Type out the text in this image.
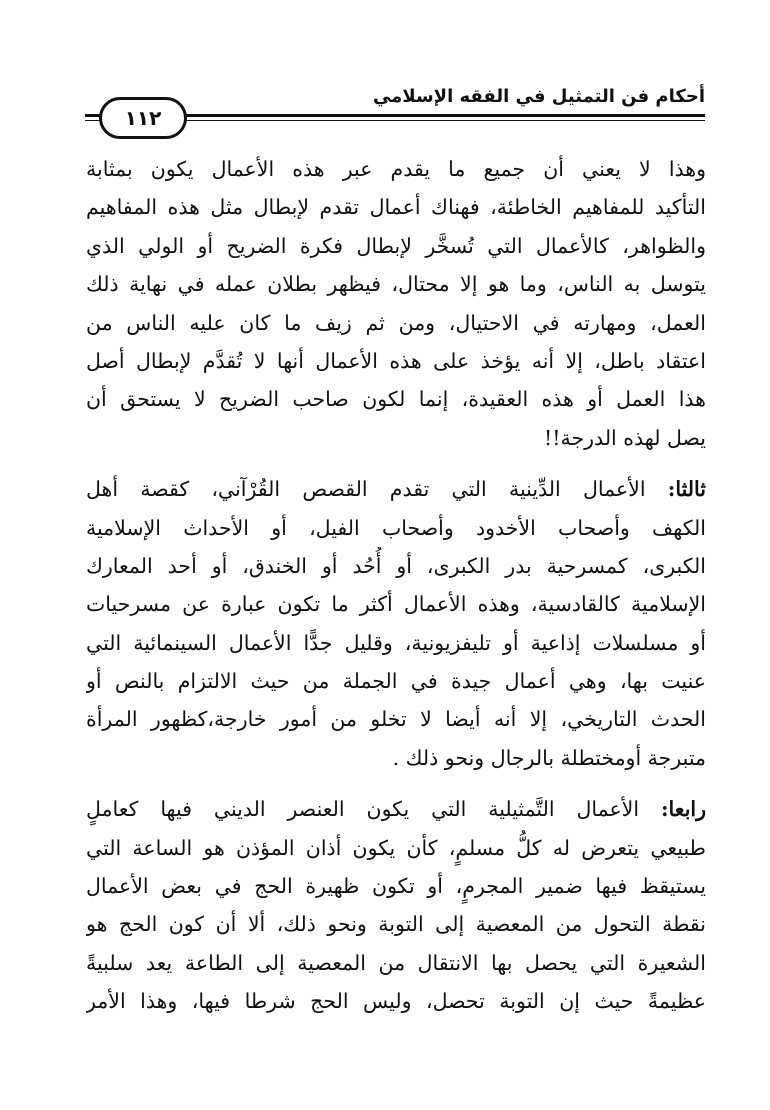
أحكام فن التمثيل في الفقه الإسلامي
١١٢
وهذا لا يعني أن جميع ما يقدم عبر هذه الأعمال يكون بمثابة
التأكيد للمفاهيم الخاطئة، فهناك أعمال تقدم لإبطال مثل هذه المفاهيم
والظواهر، كالأعمال التي تُسخَّر لإبطال فكرة الضريح أو الولي الذي
يتوسل به الناس، وما هو إلا محتال، فيظهر بطلان عمله في نهاية ذلك
العمل، ومهارته في الاحتيال، ومن ثم زيف ما كان عليه الناس من
اعتقاد باطل، إلا أنه يؤخذ على هذه الأعمال أنها لا تُقدَّم لإبطال أصل
هذا العمل أو هذه العقيدة، إنما لكون صاحب الضريح لا يستحق أن
يصل لهذه الدرجة!!
ثالثا: الأعمال الدِّينية التي تقدم القصص القُرْآني، كقصة أهل
الكهف وأصحاب الأخدود وأصحاب الفيل، أو الأحداث الإسلامية
الكبرى، كمسرحية بدر الكبرى، أو أُحُد أو الخندق، أو أحد المعارك
الإسلامية كالقادسية، وهذه الأعمال أكثر ما تكون عبارة عن مسرحيات
أو مسلسلات إذاعية أو تليفزيونية، وقليل جدًّا الأعمال السينمائية التي
عنيت بها، وهي أعمال جيدة في الجملة من حيث الالتزام بالنص أو
الحدث التاريخي، إلا أنه أيضا لا تخلو من أمور خارجة،كظهور المرأة
متبرجة أومختطلة بالرجال ونحو ذلك .
رابعا: الأعمال التَّمثيلية التي يكون العنصر الديني فيها كعاملٍ
طبيعي يتعرض له كلُّ مسلمٍ، كأن يكون أذان المؤذن هو الساعة التي
يستيقظ فيها ضمير المجرمٍ، أو تكون ظهيرة الحج في بعض الأعمال
نقطة التحول من المعصية إلى التوبة ونحو ذلك، ألا أن كون الحج هو
الشعيرة التي يحصل بها الانتقال من المعصية إلى الطاعة يعد سلبيةً
عظيمةً حيث إن التوبة تحصل، وليس الحج شرطا فيها، وهذا الأمر
